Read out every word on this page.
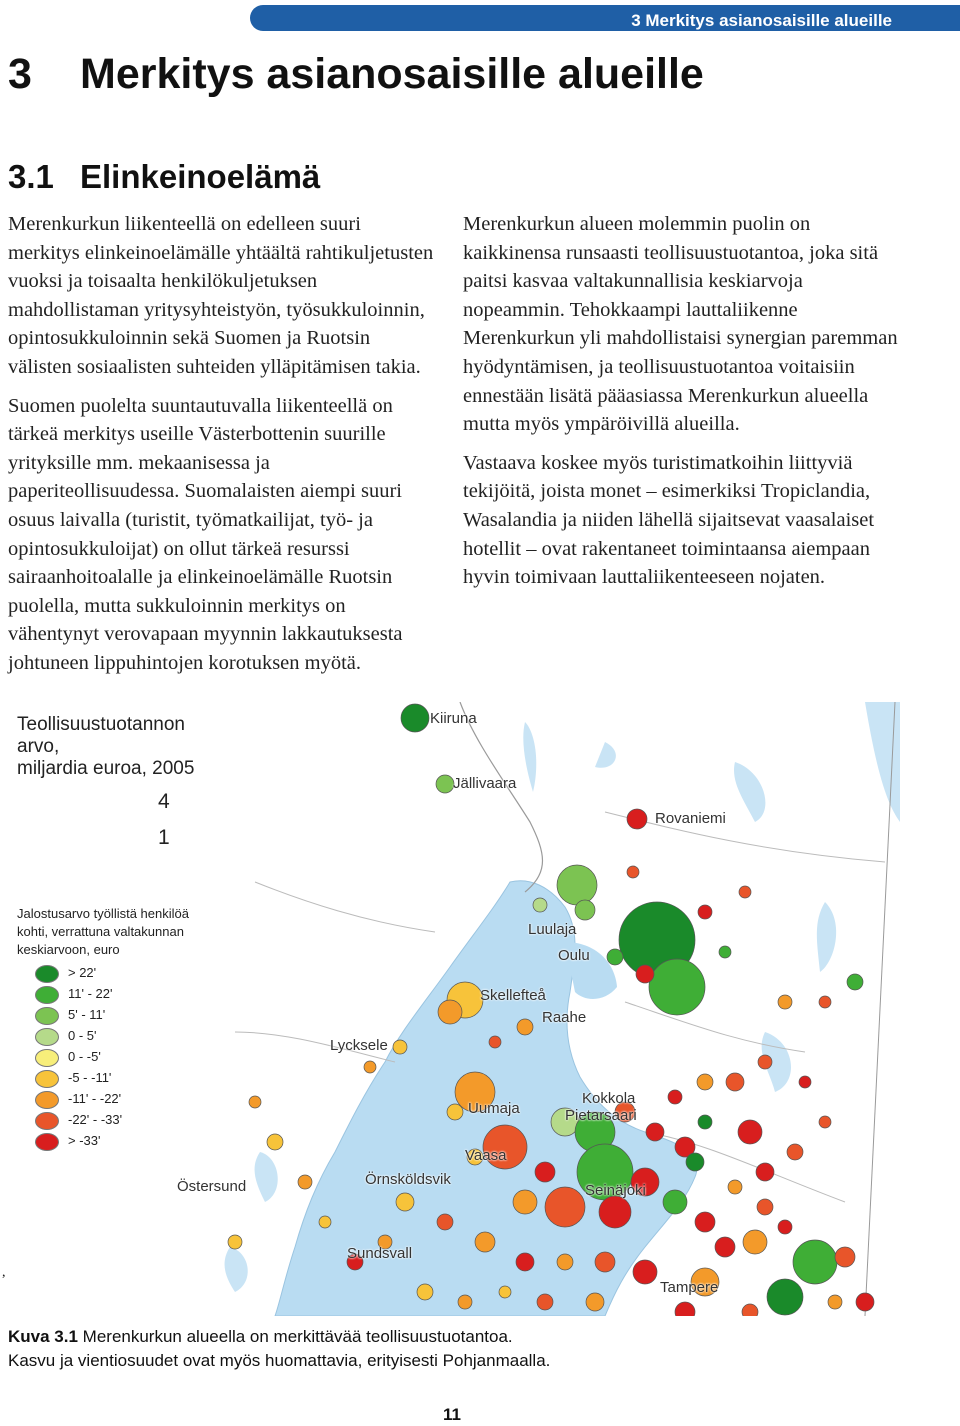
3 Merkitys asianosaisille alueille
3 Merkitys asianosaisille alueille
3.1 Elinkeinoelämä

Merenkurkun liikenteellä on edelleen suuri merkitys elinkeinoelämälle yhtäältä rahtikuljetusten vuoksi ja toisaalta henkilökuljetuksen mahdollistaman yritysyhteistyön, työsukkuloinnin, opintosukkuloinnin sekä Suomen ja Ruotsin välisten sosiaalisten suhteiden ylläpitämisen takia.

Suomen puolelta suuntautuvalla liikenteellä on tärkeä merkitys useille Västerbottenin suurille yrityksille mm. mekaanisessa ja paperiteollisuudessa. Suomalaisten aiempi suuri osuus laivalla (turistit, työmatkailijat, työ- ja opintosukkuloijat) on ollut tärkeä resurssi sairaanhoitoalalle ja elinkeinoelämälle Ruotsin puolella, mutta sukkuloinnin merkitys on vähentynyt verovapaan myynnin lakkautuksesta johtuneen lippuhintojen korotuksen myötä.

Merenkurkun alueen molemmin puolin on kaikkinensa runsaasti teollisuustuotantoa, joka sitä paitsi kasvaa valtakunnallisia keskiarvoja nopeammin. Tehokkaampi lauttaliikenne Merenkurkun yli mahdollistaisi synergian paremman hyödyntämisen, ja teollisuustuotantoa voitaisiin ennestään lisätä pääasiassa Merenkurkun alueella mutta myös ympäröivillä alueilla.

Vastaava koskee myös turistimatkoihin liittyviä tekijöitä, joista monet – esimerkiksi Tropiclandia, Wasalandia ja niiden lähellä sijaitsevat vaasalaiset hotellit – ovat rakentaneet toimintaansa aiempaan hyvin toimivaan lauttaliikenteeseen nojaten.

Teollisuustuotannon arvo,
miljardia euroa, 2005
4
1
Jalostusarvo työllistä henkilöä
kohti, verrattuna valtakunnan
keskiarvoon, euro
> 22'
11' - 22'
5' - 11'
0 - 5'
0 - -5'
-5 - -11'
-11' - -22'
-22' - -33'
> -33'
Kiiruna
Jällivaara
Rovaniemi
Luulaja
Oulu
Skellefteå
Raahe
Lycksele
Uumaja
Kokkola
Pietarsaari
Vaasa
Östersund	Örnsköldsvik
Seinäjoki
Sundsvall
Tampere
,
Kuva 3.1 Merenkurkun alueella on merkittävää teollisuustuotantoa.
Kasvu ja vientiosuudet ovat myös huomattavia, erityisesti Pohjanmaalla.
11
